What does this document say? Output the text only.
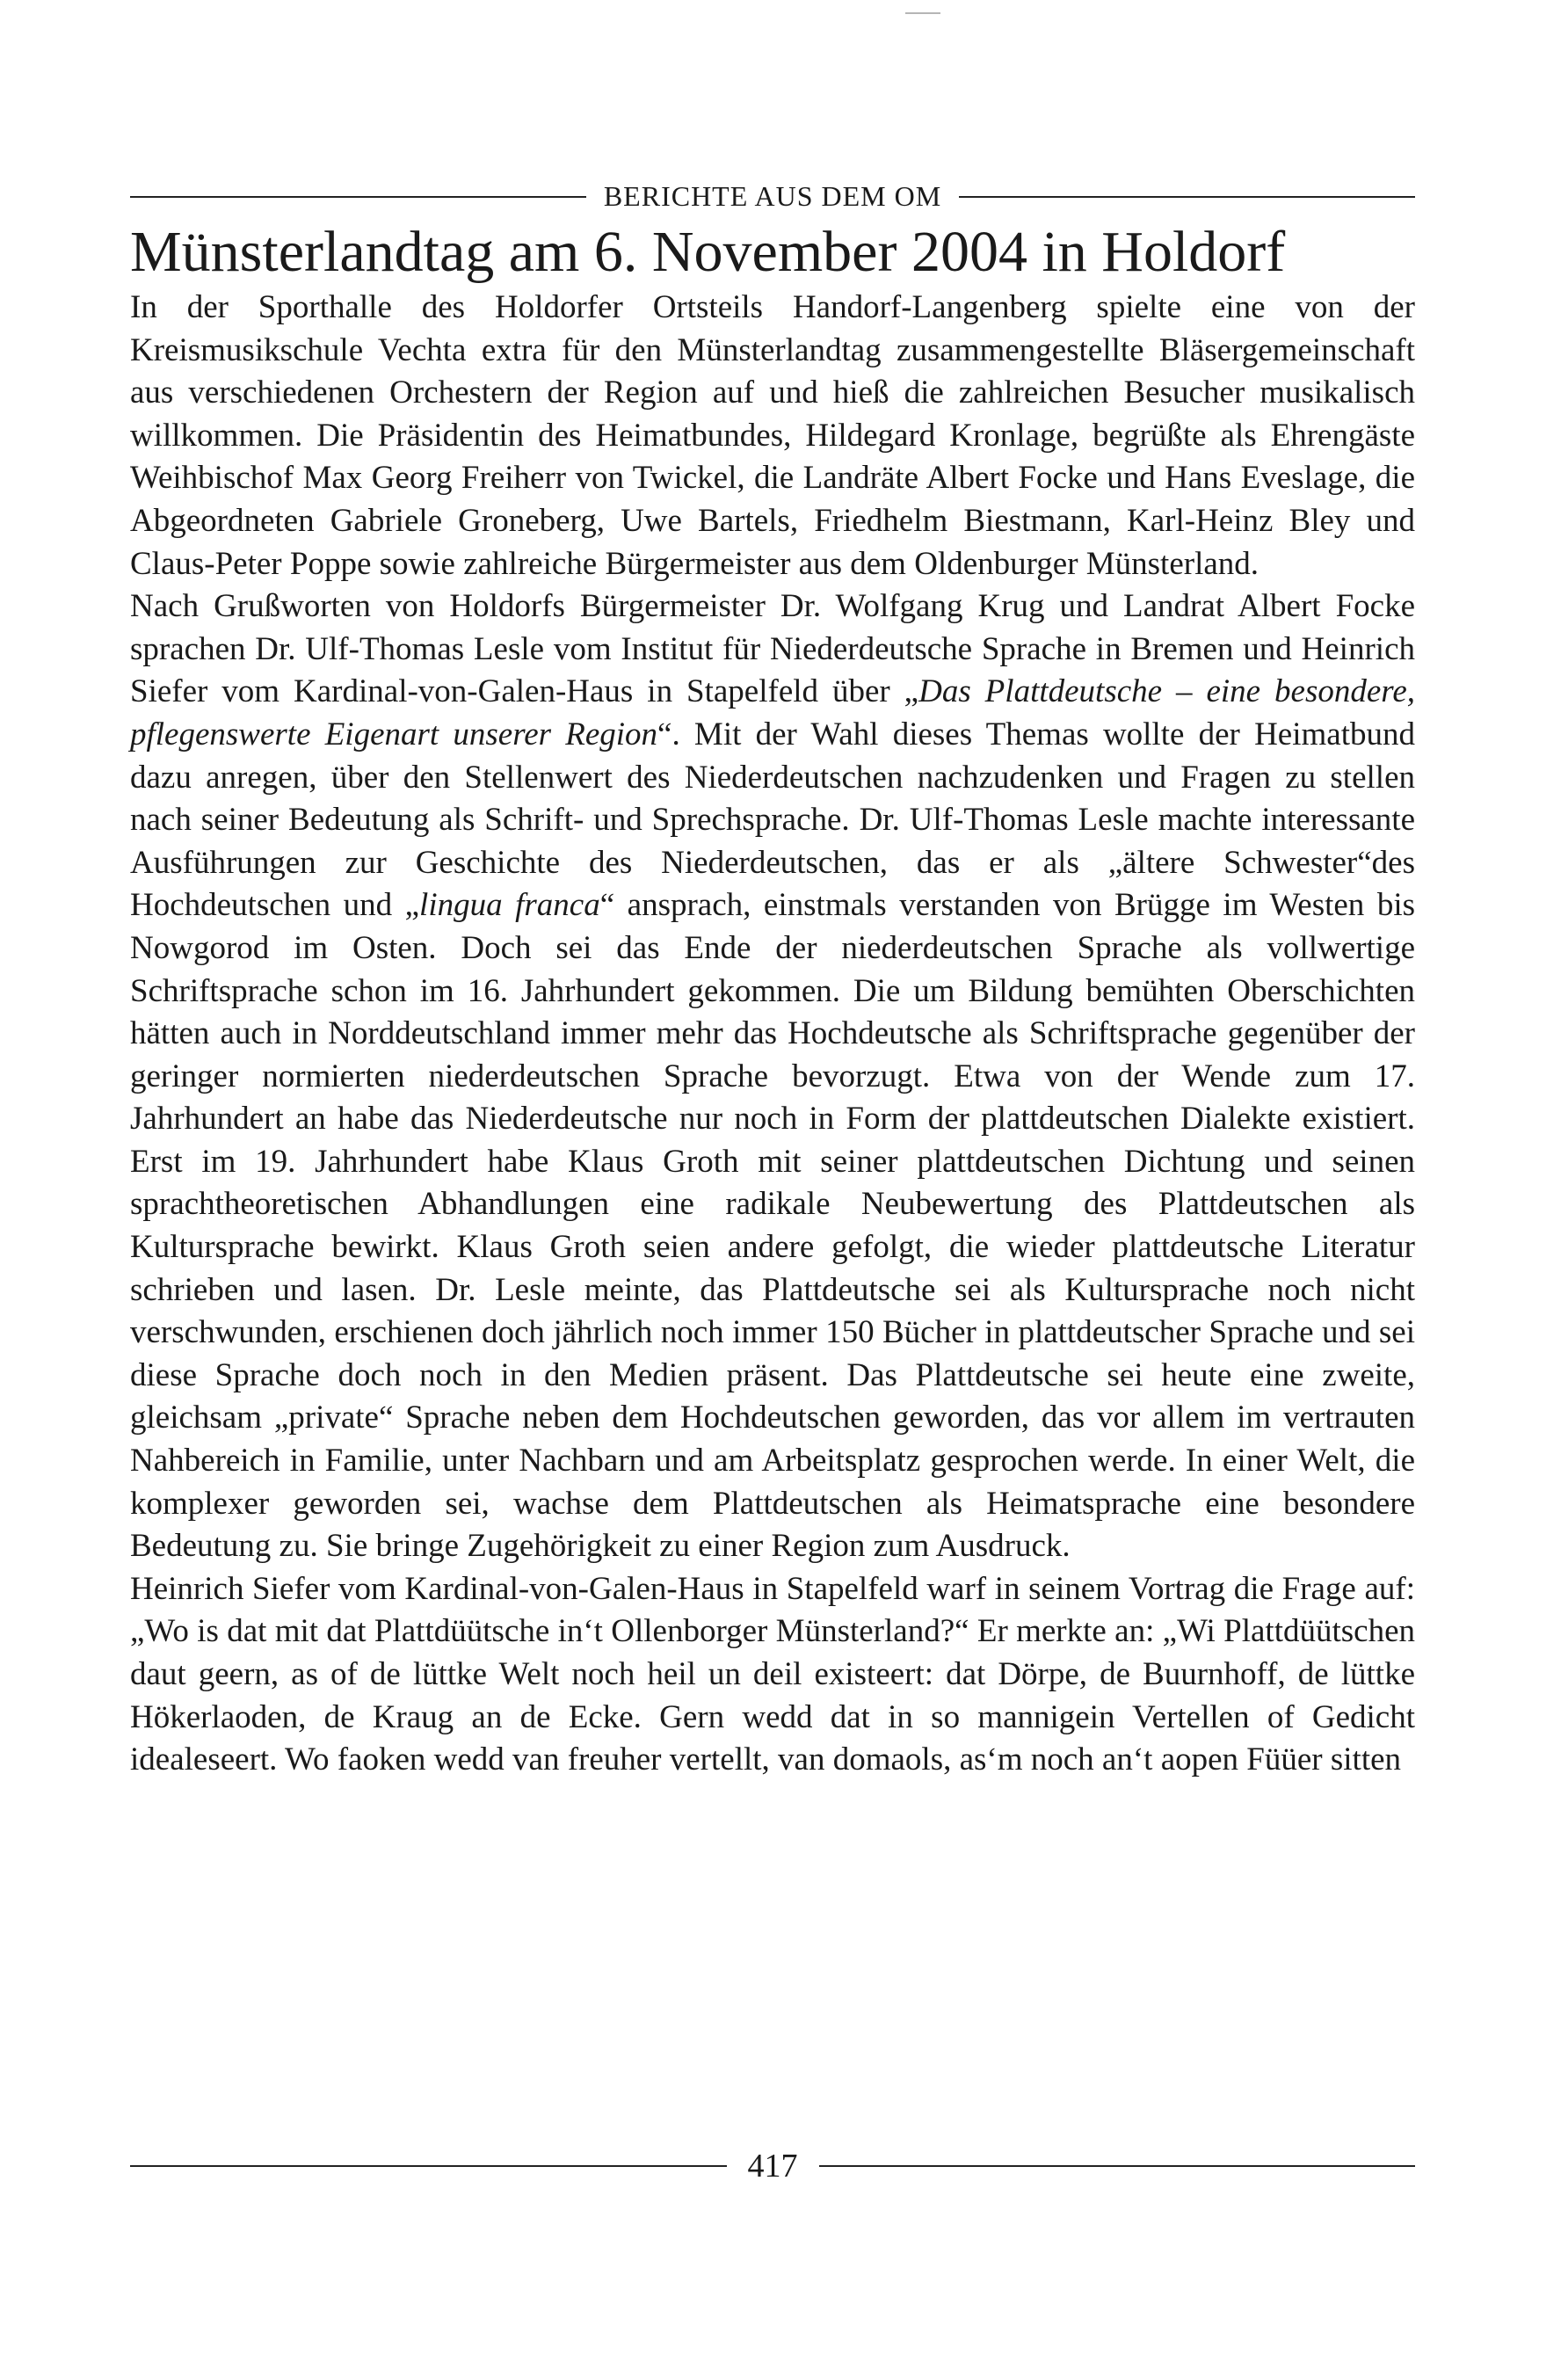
BERICHTE AUS DEM OM
Münsterlandtag am 6. November 2004 in Holdorf

In der Sporthalle des Holdorfer Ortsteils Handorf-Langenberg spielte eine von der Kreismusikschule Vechta extra für den Münsterlandtag zusammengestellte Bläsergemeinschaft aus verschiedenen Orchestern der Region auf und hieß die zahlreichen Besucher musikalisch willkommen. Die Präsidentin des Heimatbundes, Hildegard Kronlage, begrüßte als Ehrengäste Weihbischof Max Georg Freiherr von Twickel, die Landräte Albert Focke und Hans Eveslage, die Abgeordneten Gabriele Groneberg, Uwe Bartels, Friedhelm Biestmann, Karl-Heinz Bley und Claus-Peter Poppe sowie zahlreiche Bürgermeister aus dem Oldenburger Münsterland.

Nach Grußworten von Holdorfs Bürgermeister Dr. Wolfgang Krug und Landrat Albert Focke sprachen Dr. Ulf-Thomas Lesle vom Institut für Niederdeutsche Sprache in Bremen und Heinrich Siefer vom Kardinal-von-Galen-Haus in Stapelfeld über „Das Plattdeutsche – eine besondere, pflegenswerte Eigenart unserer Region“. Mit der Wahl dieses Themas wollte der Heimatbund dazu anregen, über den Stellenwert des Niederdeutschen nachzudenken und Fragen zu stellen nach seiner Bedeutung als Schrift- und Sprechsprache. Dr. Ulf-Thomas Lesle machte interessante Ausführungen zur Geschichte des Niederdeutschen, das er als „ältere Schwester“des Hochdeutschen und „lingua franca“ ansprach, einstmals verstanden von Brügge im Westen bis Nowgorod im Osten. Doch sei das Ende der niederdeutschen Sprache als vollwertige Schriftsprache schon im 16. Jahrhundert gekommen. Die um Bildung bemühten Oberschichten hätten auch in Norddeutschland immer mehr das Hochdeutsche als Schriftsprache gegenüber der geringer normierten niederdeutschen Sprache bevorzugt. Etwa von der Wende zum 17. Jahrhundert an habe das Niederdeutsche nur noch in Form der plattdeutschen Dialekte existiert. Erst im 19. Jahrhundert habe Klaus Groth mit seiner plattdeutschen Dichtung und seinen sprachtheoretischen Abhandlungen eine radikale Neubewertung des Plattdeutschen als Kultursprache bewirkt. Klaus Groth seien andere gefolgt, die wieder plattdeutsche Literatur schrieben und lasen. Dr. Lesle meinte, das Plattdeutsche sei als Kultursprache noch nicht verschwunden, erschienen doch jährlich noch immer 150 Bücher in plattdeutscher Sprache und sei diese Sprache doch noch in den Medien präsent. Das Plattdeutsche sei heute eine zweite, gleichsam „private“ Sprache neben dem Hochdeutschen geworden, das vor allem im vertrauten Nahbereich in Familie, unter Nachbarn und am Arbeitsplatz gesprochen werde. In einer Welt, die komplexer geworden sei, wachse dem Plattdeutschen als Heimatsprache eine besondere Bedeutung zu. Sie bringe Zugehörigkeit zu einer Region zum Ausdruck.

Heinrich Siefer vom Kardinal-von-Galen-Haus in Stapelfeld warf in seinem Vortrag die Frage auf: „Wo is dat mit dat Plattdüütsche in‘t Ollenborger Münsterland?“ Er merkte an: „Wi Plattdüütschen daut geern, as of de lüttke Welt noch heil un deil existeert: dat Dörpe, de Buurnhoff, de lüttke Hökerlaoden, de Kraug an de Ecke. Gern wedd dat in so mannigein Vertellen of Gedicht idealeseert. Wo faoken wedd van freuher vertellt, van domaols, as‘m noch an‘t aopen Füüer sitten

417
